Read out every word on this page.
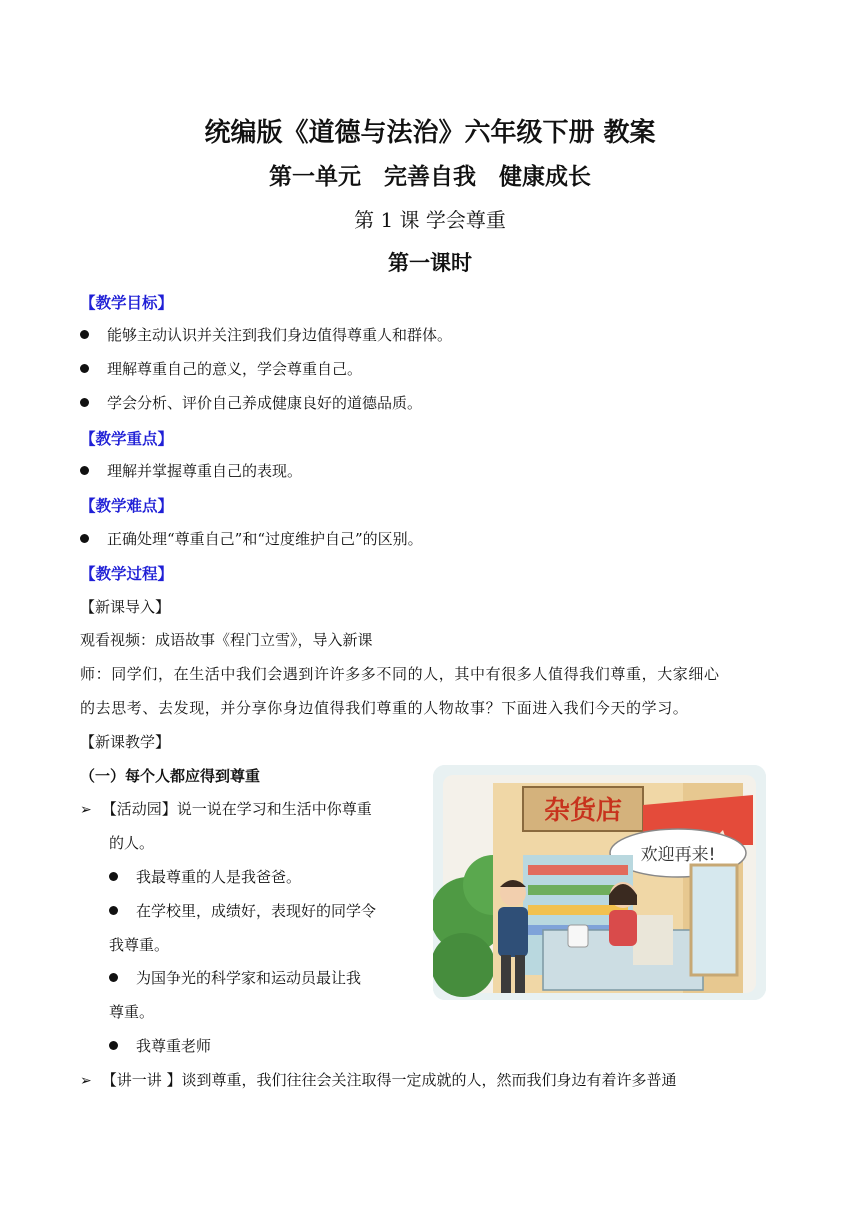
统编版《道德与法治》六年级下册 教案
第一单元　完善自我　健康成长
第 1 课 学会尊重
第一课时
【教学目标】
能够主动认识并关注到我们身边值得尊重人和群体。
理解尊重自己的意义，学会尊重自己。
学会分析、评价自己养成健康良好的道德品质。
【教学重点】
理解并掌握尊重自己的表现。
【教学难点】
正确处理“尊重自己”和“过度维护自己”的区别。
【教学过程】
【新课导入】
观看视频：成语故事《程门立雪》，导入新课
师：同学们，在生活中我们会遇到许许多多不同的人，其中有很多人值得我们尊重，大家细心
的去思考、去发现，并分享你身边值得我们尊重的人物故事？下面进入我们今天的学习。
【新课教学】
（一）每个人都应得到尊重
➢ 【活动园】说一说在学习和生活中你尊重
的人。
我最尊重的人是我爸爸。
在学校里，成绩好，表现好的同学令
我尊重。
为国争光的科学家和运动员最让我
尊重。
我尊重老师
➢ 【讲一讲 】谈到尊重，我们往往会关注取得一定成就的人，然而我们身边有着许多普通
杂货店
欢迎再来!
